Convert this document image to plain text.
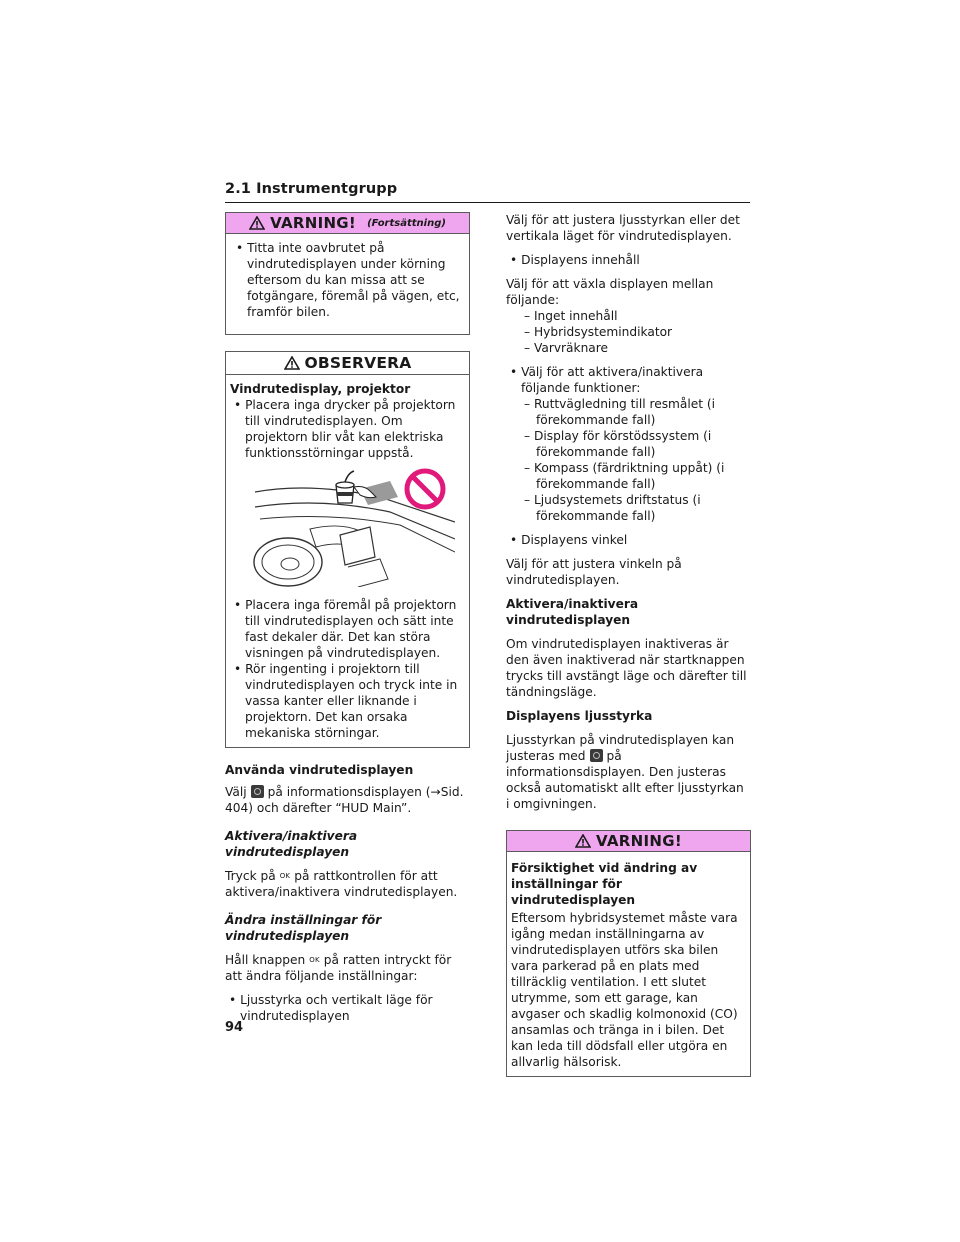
2.1 Instrumentgrupp
VARNING! (Fortsättning)

• Titta inte oavbrutet på vindrutedisplayen under körning eftersom du kan missa att se fotgängare, föremål på vägen, etc, framför bilen.

OBSERVERA

Vindrutedisplay, projektor

• Placera inga drycker på projektorn till vindrutedisplayen. Om projektorn blir våt kan elektriska funktionsstörningar uppstå.

• Placera inga föremål på projektorn till vindrutedisplayen och sätt inte fast dekaler där. Det kan störa visningen på vindrutedisplayen.

• Rör ingenting i projektorn till vindrutedisplayen och tryck inte in vassa kanter eller liknande i projektorn. Det kan orsaka mekaniska störningar.

Använda vindrutedisplayen

Välj på informationsdisplayen (→Sid. 404) och därefter “HUD Main”.

Aktivera/inaktivera vindrutedisplayen

Tryck på OK på rattkontrollen för att aktivera/inaktivera vindrutedisplayen.

Ändra inställningar för vindrutedisplayen

Håll knappen OK på ratten intryckt för att ändra följande inställningar:

• Ljusstyrka och vertikalt läge för vindrutedisplayen

Välj för att justera ljusstyrkan eller det vertikala läget för vindrutedisplayen.

• Displayens innehåll

Välj för att växla displayen mellan följande:

– Inget innehåll

– Hybridsystemindikator

– Varvräknare

• Välj för att aktivera/inaktivera följande funktioner:

– Ruttvägledning till resmålet (i förekommande fall)

– Display för körstödssystem (i förekommande fall)

– Kompass (färdriktning uppåt) (i förekommande fall)

– Ljudsystemets driftstatus (i förekommande fall)

• Displayens vinkel

Välj för att justera vinkeln på vindrutedisplayen.

Aktivera/inaktivera vindrutedisplayen

Om vindrutedisplayen inaktiveras är den även inaktiverad när startknappen trycks till avstängt läge och därefter till tändningsläge.

Displayens ljusstyrka

Ljusstyrkan på vindrutedisplayen kan justeras med på informationsdisplayen. Den justeras också automatiskt allt efter ljusstyrkan i omgivningen.

VARNING!

Försiktighet vid ändring av inställningar för vindrutedisplayen

Eftersom hybridsystemet måste vara igång medan inställningarna av vindrutedisplayen utförs ska bilen vara parkerad på en plats med tillräcklig ventilation. I ett slutet utrymme, som ett garage, kan avgaser och skadlig kolmonoxid (CO) ansamlas och tränga in i bilen. Det kan leda till dödsfall eller utgöra en allvarlig hälsorisk.

94
